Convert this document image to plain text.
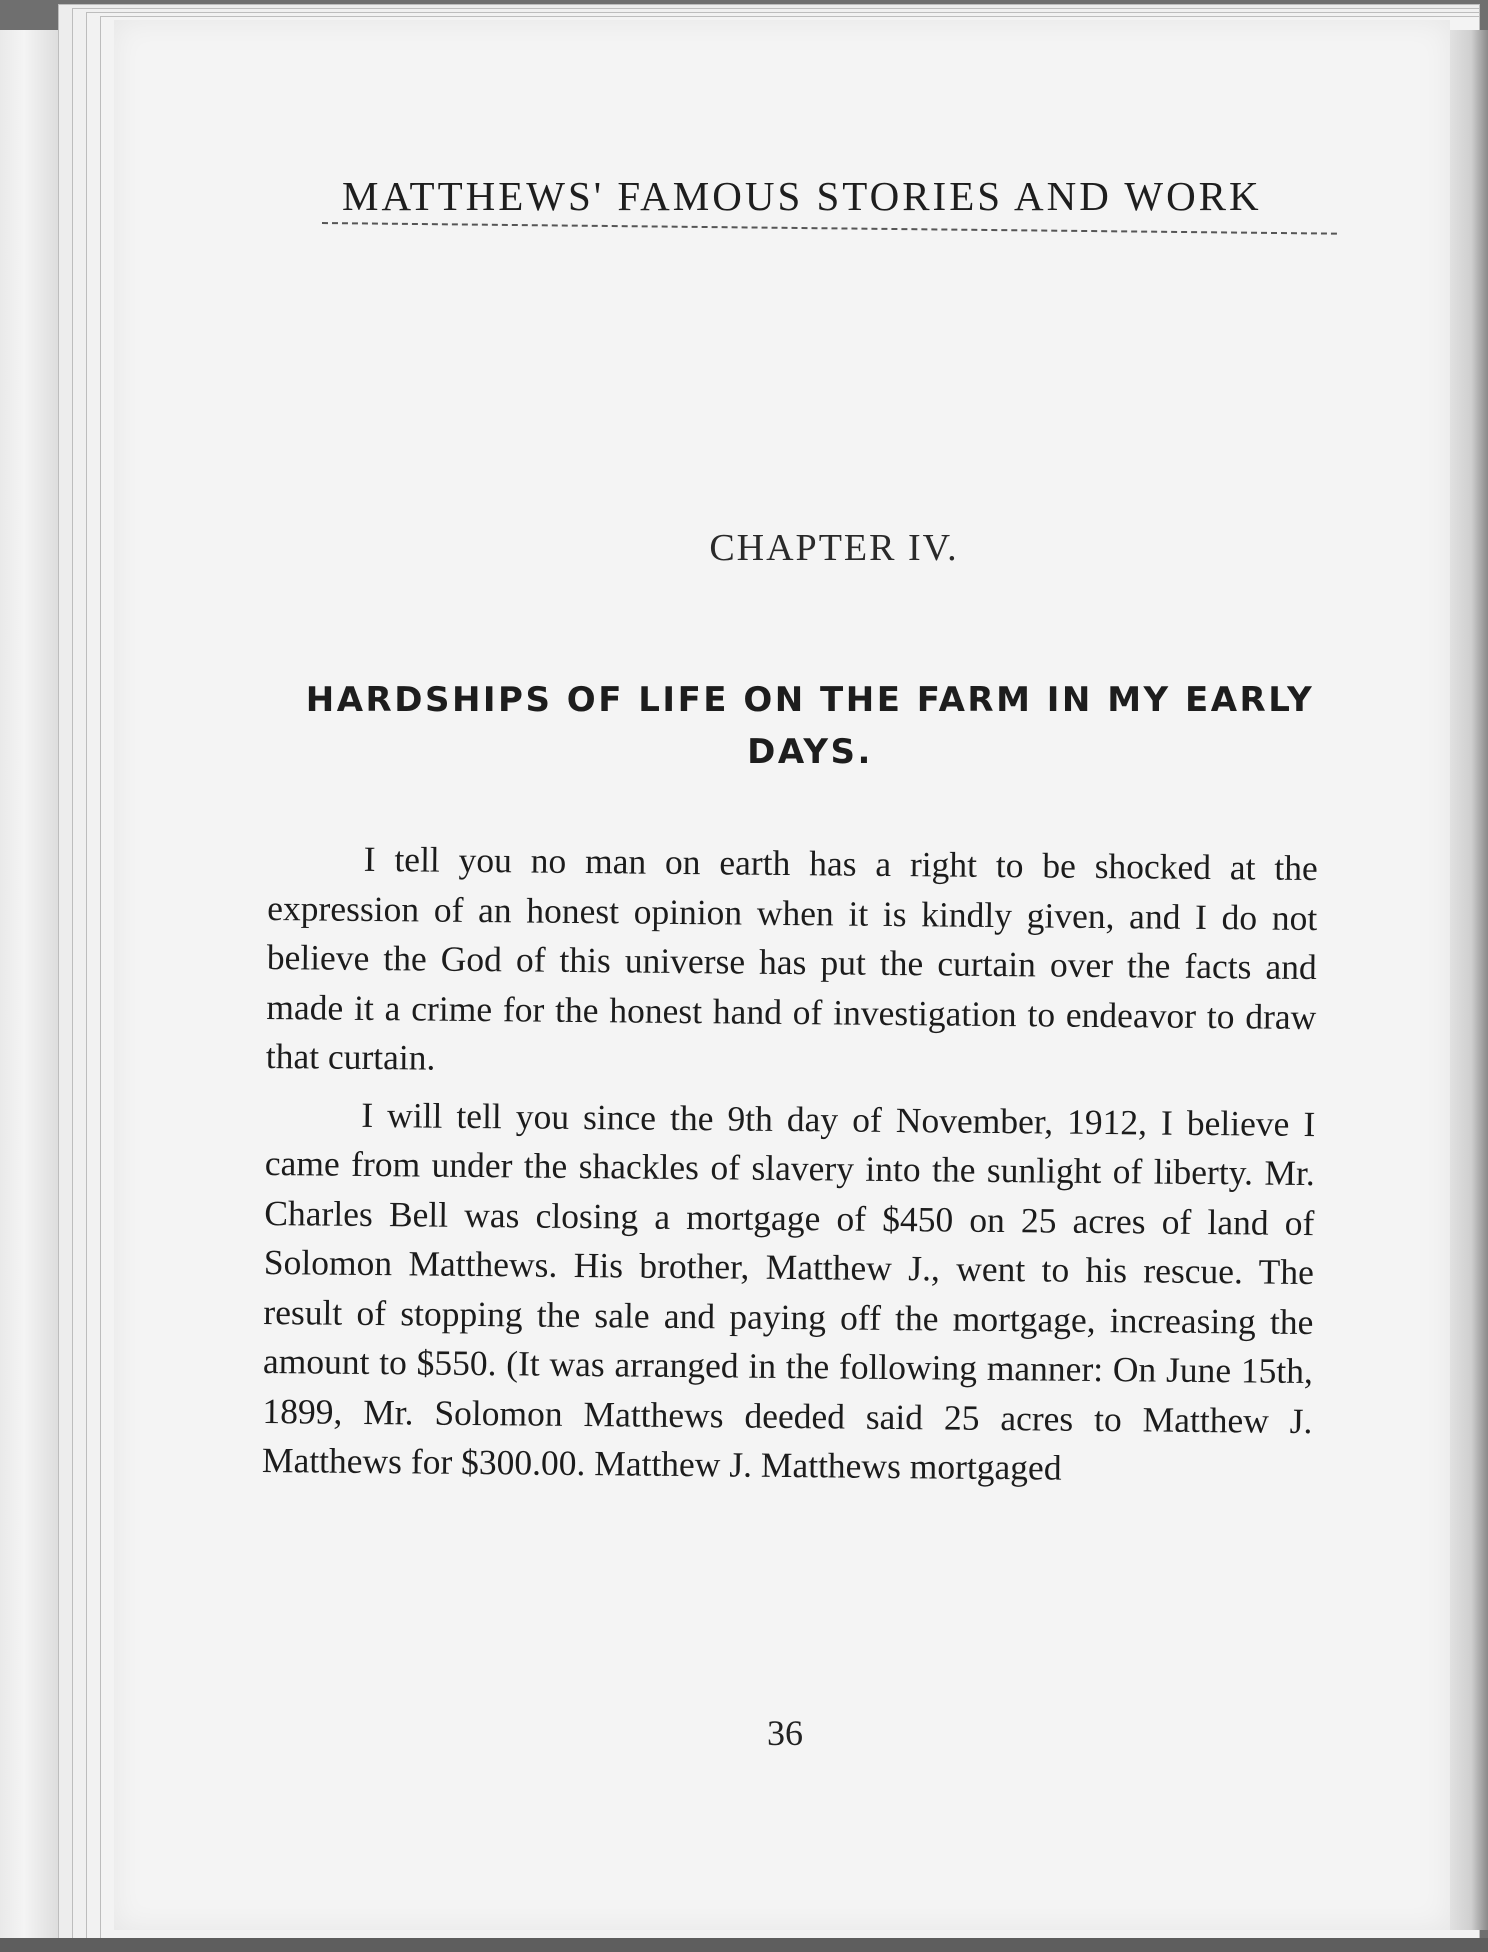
MATTHEWS' FAMOUS STORIES AND WORK
CHAPTER IV.
HARDSHIPS OF LIFE ON THE FARM IN MY EARLY DAYS.

I tell you no man on earth has a right to be shocked at the expression of an honest opinion when it is kindly given, and I do not believe the God of this universe has put the curtain over the facts and made it a crime for the honest hand of investigation to endeavor to draw that curtain.

I will tell you since the 9th day of November, 1912, I believe I came from under the shackles of slavery into the sunlight of liberty. Mr. Charles Bell was closing a mortgage of $450 on 25 acres of land of Solomon Matthews. His brother, Matthew J., went to his rescue. The result of stopping the sale and paying off the mortgage, increasing the amount to $550. (It was arranged in the following manner: On June 15th, 1899, Mr. Solomon Matthews deeded said 25 acres to Matthew J. Matthews for $300.00. Matthew J. Matthews mortgaged

36
